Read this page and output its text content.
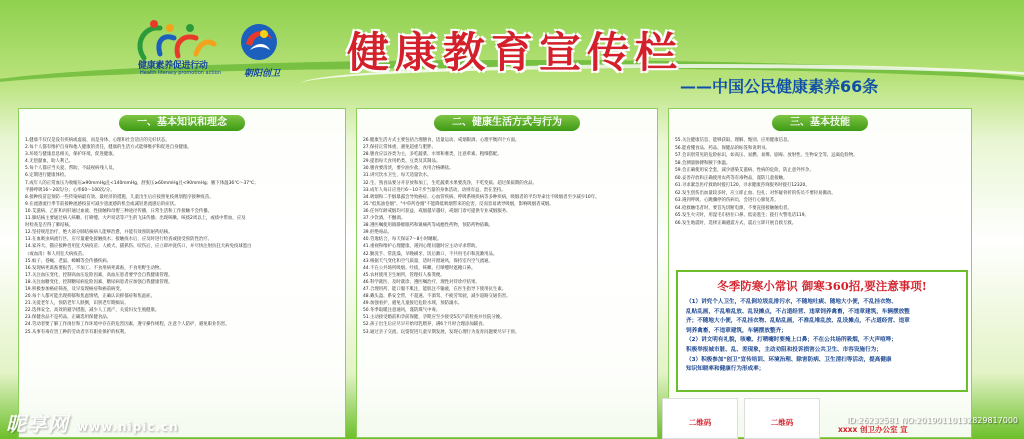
健康素养促进行动
Health literacy promotion action	朝阳创卫 健康教育宣传栏
——中国公民健康素养66条
一、基本知识和理念

1.健康不仅仅是没有疾病或虚弱，而是身体、心理和社会适应的完好状态。

2.每个人都有维护自身和他人健康的责任，健康的生活方式能够维护和促进自身健康。

3.环境与健康息息相关，保护环境，促进健康。

4.无偿献血，助人利己。

5.每个人都应当关爱、帮助、不歧视病残人员。

6.定期进行健康体检。

7.成年人的正常血压为收缩压≥90mmHg且<140mmHg，舒张压≥60mmHg且<90mmHg；腋下体温36℃～37℃；

平静呼吸16～20次/分；心率60～100次/分。

8.接种疫苗是预防一些传染病最有效、最经济的措施，儿童出生后应按照免疫规划程序接种疫苗。

9.在流感流行季节前接种流感疫苗可减少患流感的机会或减轻患流感后的症状。

10.艾滋病、乙肝和丙肝通过血液、性接触和母婴三种途径传播，日常生活和工作接触不会传播。

11.肺结核主要通过病人咳嗽、打喷嚏、大声说话等产生的飞沫传播；出现咳嗽、咳痰2周以上，或痰中带血，应及

时检查是否得了肺结核。

12.坚持规范治疗，绝大部分肺结核病人能够治愈，并能有效预防耐药结核。

13.在血吸虫病流行区，应尽量避免接触疫水；接触疫水后，应及时进行检查或接受预防性治疗。

14.家养犬、猫应接种兽用狂犬病疫苗；人被犬、猫抓伤、咬伤后，应立即冲洗伤口，并尽快注射抗狂犬病免疫球蛋白

（或血清）和人用狂犬病疫苗。

15.蚊子、苍蝇、老鼠、蟑螂等会传播疾病。

16.发现病死禽畜要报告，不加工、不食用病死禽畜，不食用野生动物。

17.关注血压变化，控制高血压危险因素，高血压患者要学会自我健康管理。

18.关注血糖变化，控制糖尿病危险因素，糖尿病患者应加强自我健康管理。

19.积极参加癌症筛查，及早发现癌症和癌前病变。

20.每个人都可能出现抑郁和焦虑情绪，正确认识抑郁症和焦虑症。

21.关爱老年人，预防老年人跌倒，识别老年期痴呆。

22.选择安全、高效的避孕措施，减少人工流产，关爱妇女生殖健康。

23.保健食品不是药品，正确选用保健食品。

24.劳动者要了解工作岗位和工作环境中存在的危害因素，遵守操作规程，注意个人防护，避免职业伤害。

25.从事有毒有害工种的劳动者享有职业保护的权利。

二、健康生活方式与行为

26.健康生活方式主要包括合理膳食、适量运动、戒烟限酒、心理平衡四个方面。

27.保持正常体重，避免超重与肥胖。

28.膳食应以谷类为主，多吃蔬菜、水果和薯类，注意荤素、粗细搭配。

29.提倡每天食用奶类、豆类及其制品。

30.膳食要清淡，要少油少盐，食用合格碘盐。

31.讲究饮水卫生，每天适量饮水。

32.生、熟食品要分开存放和加工，生吃蔬菜水果要洗净，不吃变质、超过保质期的食品。

33.成年人每日应进行6～10千步当量的身体活动，动则有益，贵在坚持。

34.吸烟和二手烟暴露会导致癌症、心血管疾病、呼吸系统疾病等多种疾病，吸烟者的平均寿命比不吸烟者至少减少10年。

35."低焦油卷烟"、"中草药卷烟"不能降低吸烟带来的危害，反而容易诱导吸烟，影响吸烟者戒烟。

36.任何年龄戒烟均可获益，戒烟越早越好，戒烟门诊可提供专业戒烟服务。

37.少饮酒，不酗酒。

38.遵医嘱使用镇静催眠药和镇痛药等成瘾性药物，预防药物依赖。

39.拒绝毒品。

40.劳逸结合，每天保证7～8小时睡眠。

41.重视和维护心理健康，遇到心理问题时应主动寻求帮助。

42.勤洗手、常洗澡、早晚刷牙、饭后漱口，不共用毛巾和洗漱用品。

43.根据天气变化和空气质量，适时开窗通风，保持室内空气流通。

44.不在公共场所吸烟、吐痰，咳嗽、打喷嚏时遮掩口鼻。

45.农村使用卫生厕所，管理好人畜粪便。

46.科学就医，及时就诊，遵医嘱治疗，理性对待诊疗结果。

47.合理用药，能口服不肌注，能肌注不输液，在医生指导下使用抗生素。

48.戴头盔、系安全带，不超速、不酒驾、不疲劳驾驶，减少道路交通伤害。

49.加强看护，避免儿童接近危险水域，预防溺水。

50.冬季取暖注意通风，谨防煤气中毒。

51.主动接受婚前和孕前保健，孕期应至少接受5次产前检查并住院分娩。

52.孩子出生后应尽早开始母乳喂养，满6个月时合理添加辅食。

53.通过亲子交流、玩耍促进儿童早期发展，发现心理行为发育问题要尽早干预。

三、基本技能

55.关注健康信息，能够获取、理解、甄别、应用健康信息。

56.能看懂食品、药品、保健品的标签和说明书。

57.会识别常见的危险标识，如高压、易燃、易爆、剧毒、放射性、生物安全等，远离危险物。

58.会测量脉搏和腋下体温。

59.会正确使用安全套，减少感染艾滋病、性病的危险，防止意外怀孕。

60.妥善存放和正确使用农药等有毒物品，谨防儿童接触。

61.寻求紧急医疗救助时拨打120，寻求健康咨询服务时拨打12320。

62.发生创伤出血量较多时，应立即止血、包扎；对怀疑骨折的伤员不要轻易搬动。

63.遇到呼吸、心跳骤停的伤病员，会进行心肺复苏。

64.抢救触电者时，要首先切断电源，不要直接接触触电者。

65.发生火灾时，用湿毛巾捂住口鼻、低姿逃生；拨打火警电话119。

66.发生地震时，选择正确避震方式，震后立即开展自救互救。

冬季防寒小常识 御寒360招,要注意事项!

（1）讲究个人卫生，不乱倒垃圾乱排污水，不随地吐痰、随地大小便，不乱挂衣物、

乱贴乱画，不乱堆乱放、乱设摊点，不占道经营、违章饲养禽畜，不违章建筑，车辆摆放整

齐；不随地大小便，不乱挂衣物、乱贴乱画，不准乱堆乱放、乱设摊点，不占道经营、违章

饲养禽畜，不违章建筑，车辆摆放整齐；

（2）讲文明有礼貌，咳嗽、打喷嚏时要掩上口鼻；不在公共场所吸烟，不大声喧哗；

积极举报城市脏、乱、差现象，主动劝阻和投诉损害公共卫生、市容设施行为；

（3）积极参加"创卫"宣传培训、环境治理、除害防病、卫生清扫等活动，提高健康

知识知晓率和健康行为形成率；

二维码	二维码
xxxx 创卫办公室 宣
昵享网 www.nipic.cn	ID:26232581 NO:20190110132829817000
